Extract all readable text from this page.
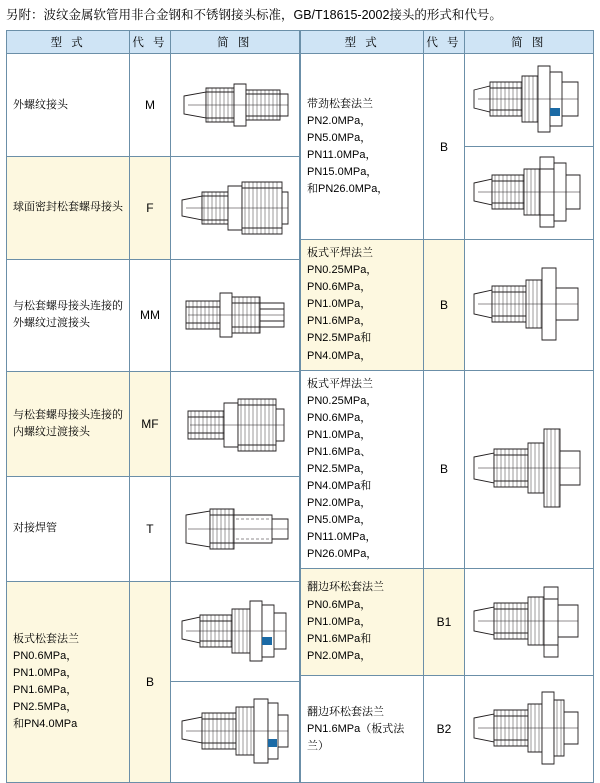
另附：波纹金属软管用非合金钢和不锈钢接头标准，GB/T18615-2002接头的形式和代号。
型 式	代 号	简 图
外螺纹接头	M	

球面密封松套螺母接头	F	

与松套螺母接头连接的外螺纹过渡接头	MM	

与松套螺母接头连接的内螺纹过渡接头	MF	

对接焊管	T	

板式松套法兰
PN0.6MPa，PN1.0MPa，
PN1.6MPa，PN2.5MPa，
和PN4.0MPa	B	

型 式	代 号	简 图
带劲松套法兰
PN2.0MPa，PN5.0MPa，
PN11.0MPa，PN15.0MPa，
和PN26.0MPa，	B	

板式平焊法兰
PN0.25MPa，PN0.6MPa，
PN1.0MPa，PN1.6MPa，
PN2.5MPa和PN4.0MPa，	B	

板式平焊法兰
PN0.25MPa，PN0.6MPa，
PN1.0MPa，PN1.6MPa、
PN2.5MPa，PN4.0MPa和
PN2.0MPa，PN5.0MPa，
PN11.0MPa，PN26.0MPa，	B	

翻边环松套法兰
PN0.6MPa，PN1.0MPa，
PN1.6MPa和PN2.0MPa，	B1	

翻边环松套法兰
PN1.6MPa（板式法兰）	B2	
